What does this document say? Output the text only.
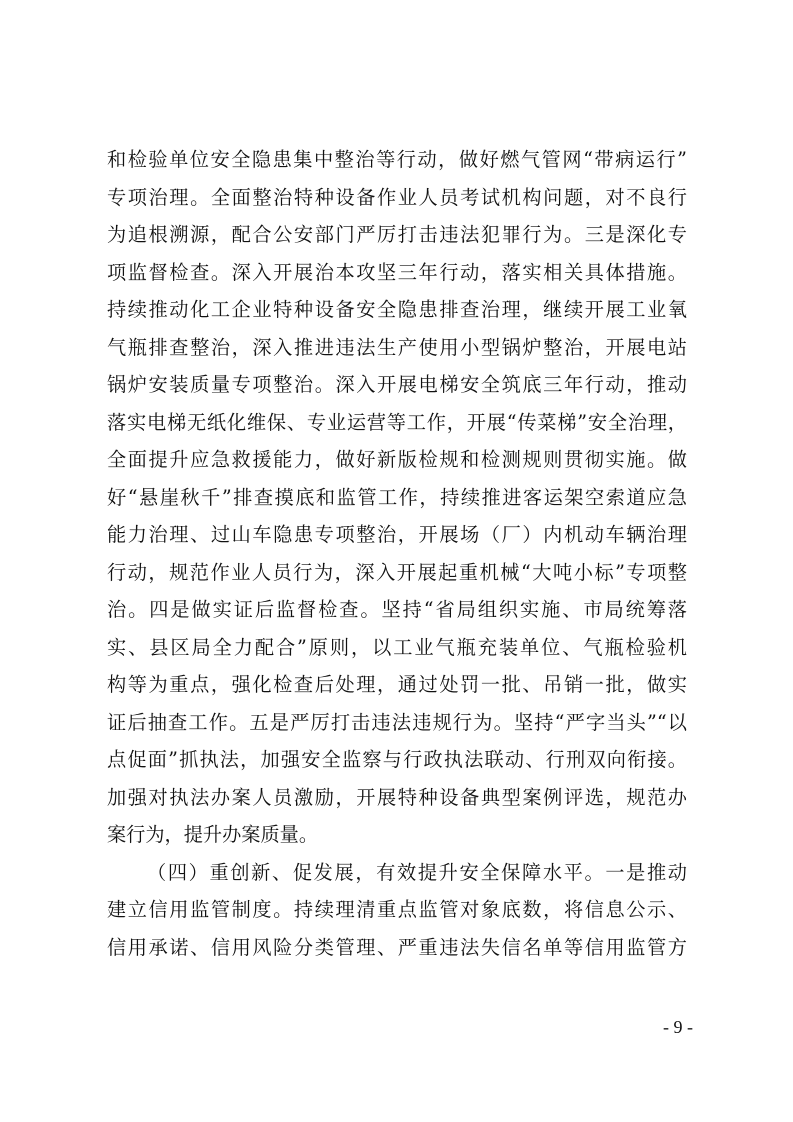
和检验单位安全隐患集中整治等行动，做好燃气管网“带病运行”
专项治理。全面整治特种设备作业人员考试机构问题，对不良行
为追根溯源，配合公安部门严厉打击违法犯罪行为。三是深化专
项监督检查。深入开展治本攻坚三年行动，落实相关具体措施。
持续推动化工企业特种设备安全隐患排查治理，继续开展工业氧
气瓶排查整治，深入推进违法生产使用小型锅炉整治，开展电站
锅炉安装质量专项整治。深入开展电梯安全筑底三年行动，推动
落实电梯无纸化维保、专业运营等工作，开展“传菜梯”安全治理，
全面提升应急救援能力，做好新版检规和检测规则贯彻实施。做
好“悬崖秋千”排查摸底和监管工作，持续推进客运架空索道应急
能力治理、过山车隐患专项整治，开展场（厂）内机动车辆治理
行动，规范作业人员行为，深入开展起重机械“大吨小标”专项整
治。四是做实证后监督检查。坚持“省局组织实施、市局统筹落
实、县区局全力配合”原则，以工业气瓶充装单位、气瓶检验机
构等为重点，强化检查后处理，通过处罚一批、吊销一批，做实
证后抽查工作。五是严厉打击违法违规行为。坚持“严字当头”“以
点促面”抓执法，加强安全监察与行政执法联动、行刑双向衔接。
加强对执法办案人员激励，开展特种设备典型案例评选，规范办
案行为，提升办案质量。
（四）重创新、促发展，有效提升安全保障水平。一是推动
建立信用监管制度。持续理清重点监管对象底数，将信息公示、
信用承诺、信用风险分类管理、严重违法失信名单等信用监管方
- 9 -
